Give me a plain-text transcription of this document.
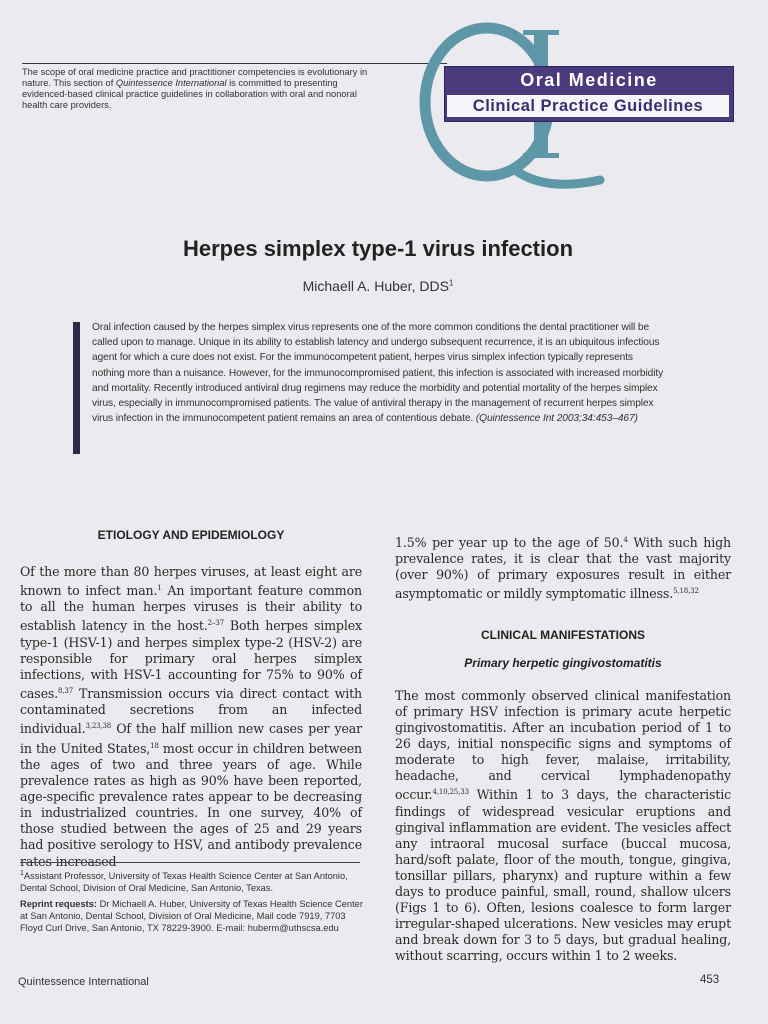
The scope of oral medicine practice and practitioner competencies is evolutionary in nature. This section of Quintessence International is committed to presenting evidenced-based clinical practice guidelines in collaboration with oral and nonoral health care providers.
Oral Medicine
Clinical Practice Guidelines
Herpes simplex type-1 virus infection
Michaell A. Huber, DDS$^1$
Oral infection caused by the herpes simplex virus represents one of the more common conditions the dental practitioner will be called upon to manage. Unique in its ability to establish latency and undergo subsequent recurrence, it is an ubiquitous infectious agent for which a cure does not exist. For the immunocompetent patient, herpes virus simplex infection typically represents nothing more than a nuisance. However, for the immunocompromised patient, this infection is associated with increased morbidity and mortality. Recently introduced antiviral drug regimens may reduce the morbidity and potential mortality of the herpes simplex virus, especially in immunocompromised patients. The value of antiviral therapy in the management of recurrent herpes simplex virus infection in the immunocompetent patient remains an area of contentious debate. (Quintessence Int 2003;34:453–467)
ETIOLOGY AND EPIDEMIOLOGY
Of the more than 80 herpes viruses, at least eight are known to infect man.$^1$ An important feature common to all the human herpes viruses is their ability to establish latency in the host.$^{2-37}$ Both herpes simplex type-1 (HSV-1) and herpes simplex type-2 (HSV-2) are responsible for primary oral herpes simplex infections, with HSV-1 accounting for 75% to 90% of cases.$^{8,37}$ Transmission occurs via direct contact with contaminated secretions from an infected individual.$^{3,23,38}$ Of the half million new cases per year in the United States,$^{18}$ most occur in children between the ages of two and three years of age. While prevalence rates as high as 90% have been reported, age-specific prevalence rates appear to be decreasing in industrialized countries. In one survey, 40% of those studied between the ages of 25 and 29 years had positive serology to HSV, and antibody prevalence
1.5% per year up to the age of 50.$^4$ With such high prevalence rates, it is clear that the vast majority (over 90%) of primary exposures result in either asymptomatic or mildly symptomatic illness.$^{5,18,32}$
CLINICAL MANIFESTATIONS
Primary herpetic gingivostomatitis
The most commonly observed clinical manifestation of primary HSV infection is primary acute herpetic gingivostomatitis. After an incubation period of 1 to 26 days, initial nonspecific signs and symptoms of moderate to high fever, malaise, irritability, headache, and cervical lymphadenopathy occur.$^{4,10,25,33}$ Within 1 to 3 days, the characteristic findings of widespread vesicular eruptions and gingival inflammation are evident. The vesicles affect any intraoral mucosal surface (buccal mucosa, hard/soft palate, floor of the mouth, tongue, gingiva, tonsillar pillars, pharynx) and rupture within a few days to produce painful, small, round, shallow ulcers (Figs 1 to 6). Often, lesions coalesce to form larger irregular-shaped ulcerations. New vesicles may erupt and break down for 3 to 5 days, but gradual healing, without scarring, occurs within 1 to 2 weeks.
$^1$Assistant Professor, University of Texas Health Science Center at San Antonio, Dental School, Division of Oral Medicine, San Antonio, Texas.
Reprint requests: Dr Michaell A. Huber, University of Texas Health Science Center at San Antonio, Dental School, Division of Oral Medicine, Mail code 7919, 7703 Floyd Curl Drive, San Antonio, TX 78229-3900. E-mail: huberm@uthscsa.edu
Quintessence International	453
